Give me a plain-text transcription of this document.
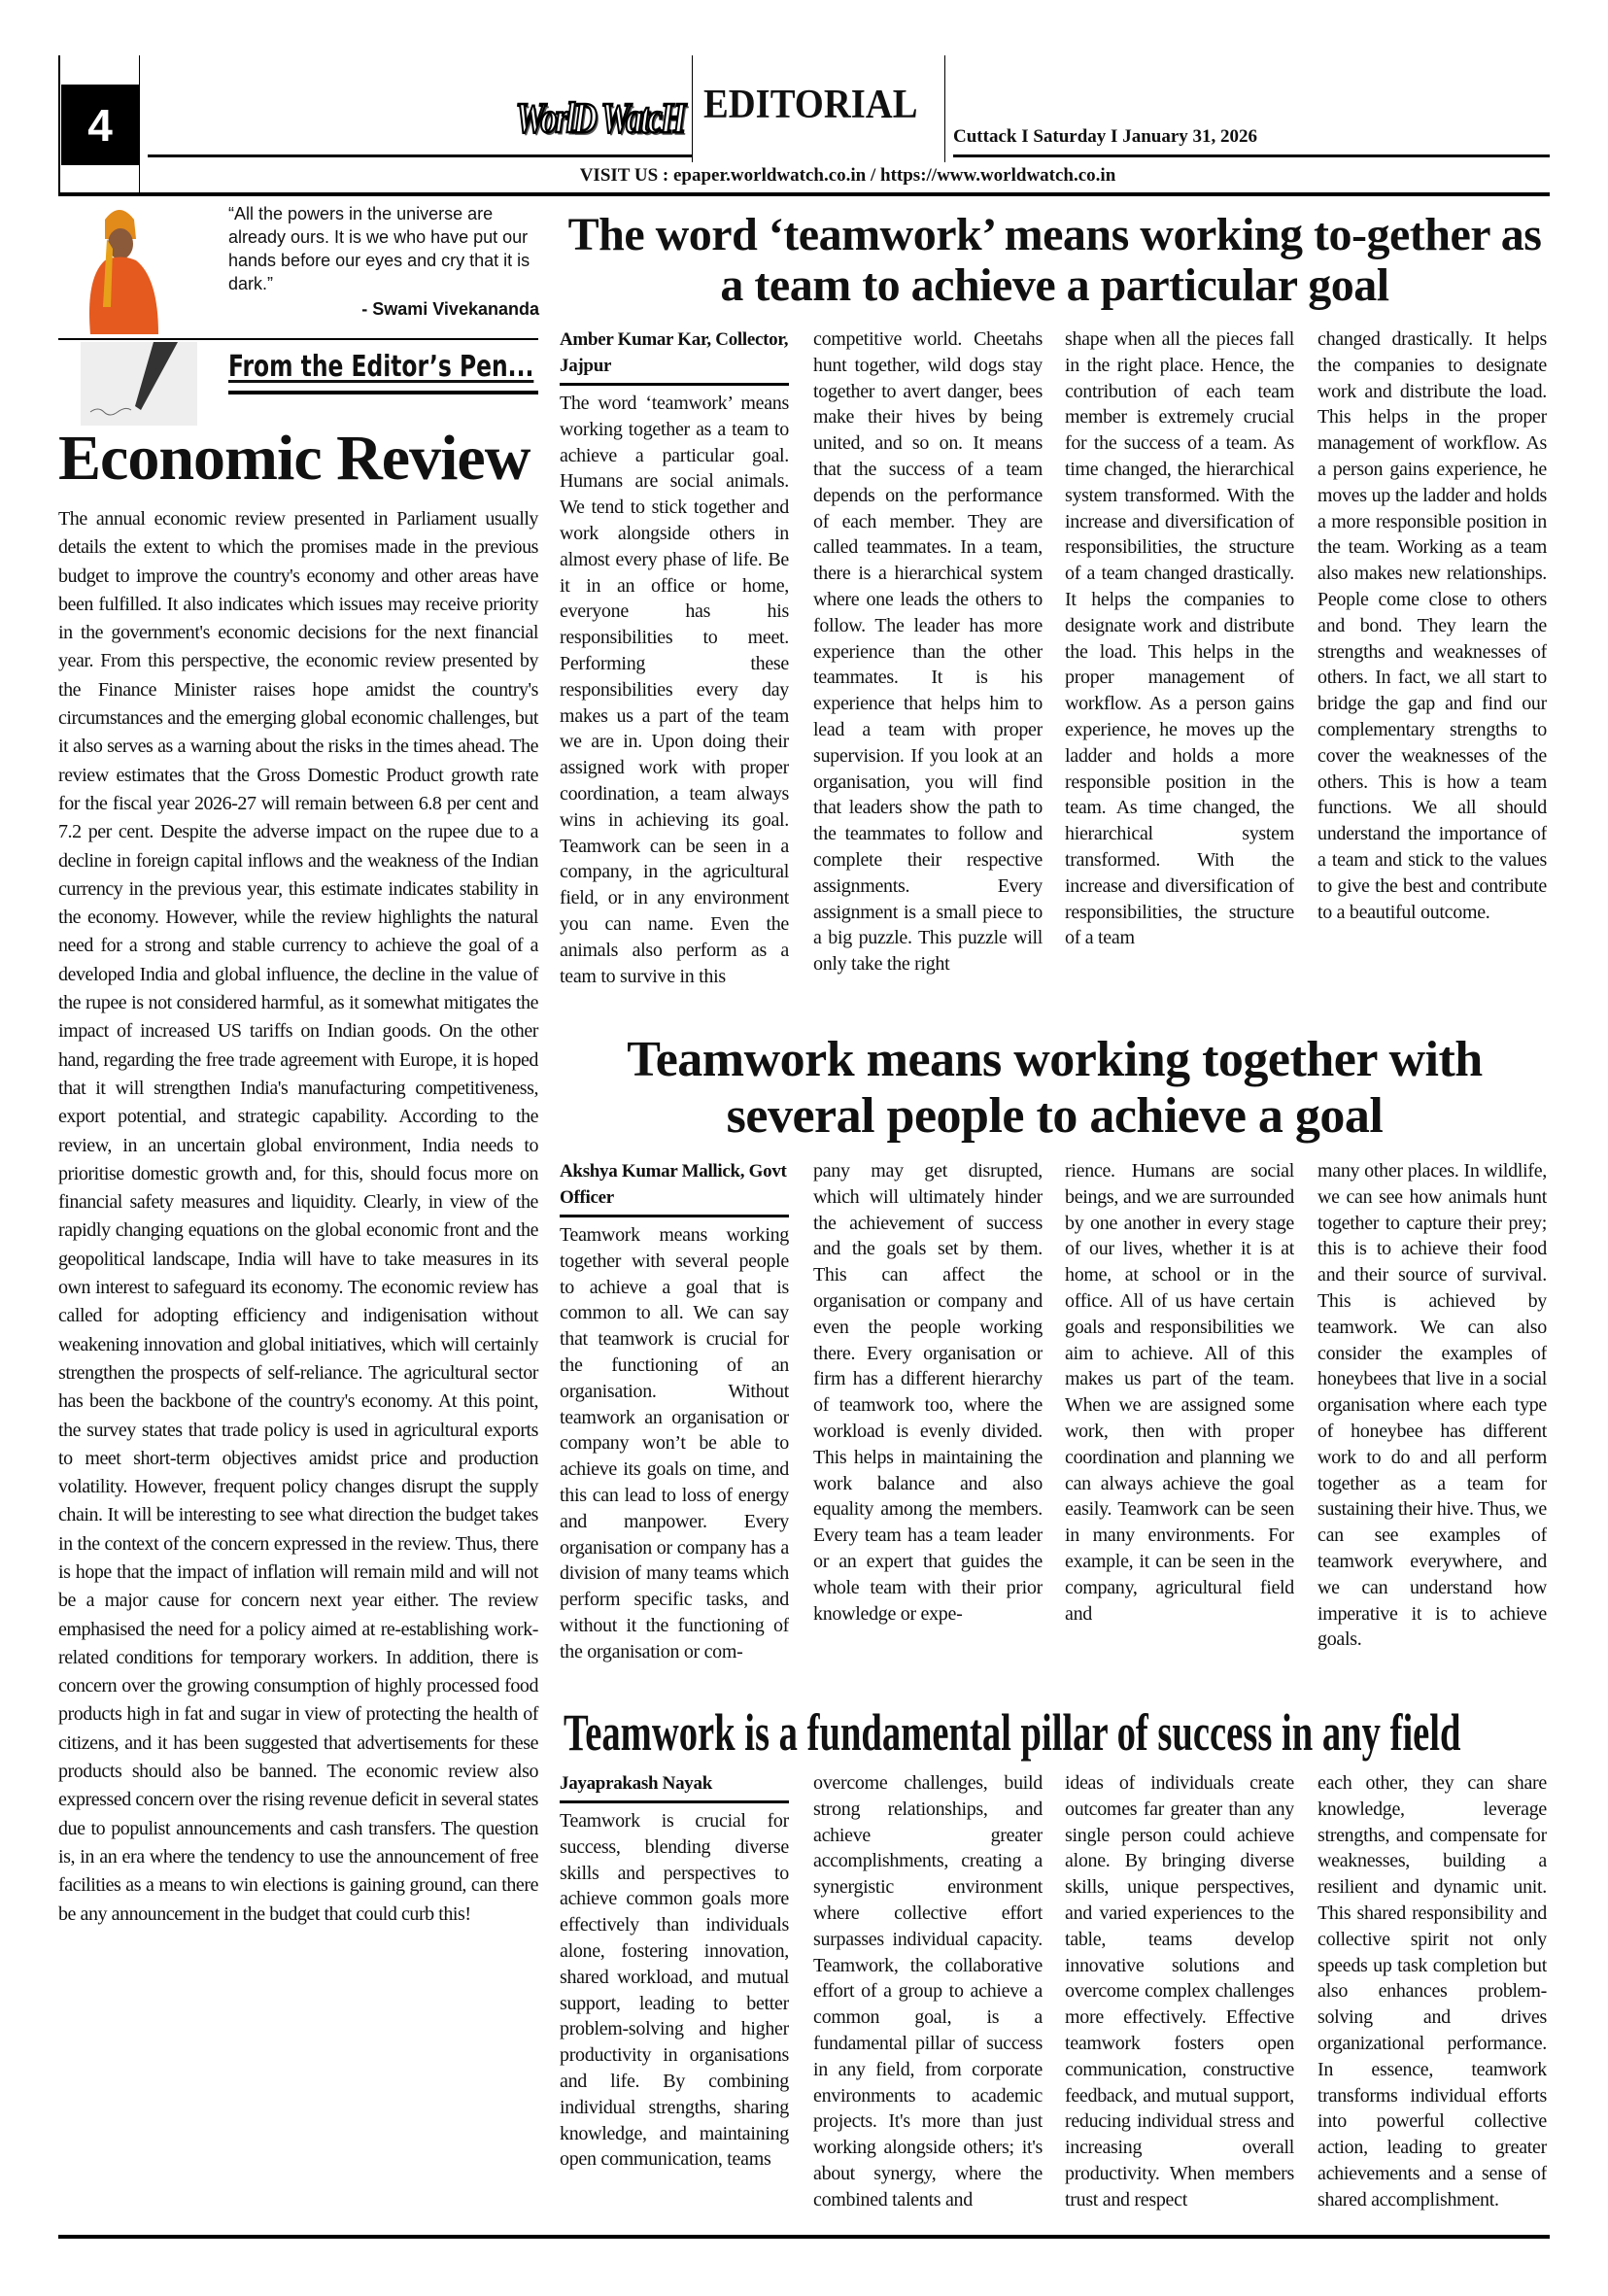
4	WorlD WatcH EDITORIAL
Cuttack I Saturday I January 31, 2026
VISIT US : epaper.worldwatch.co.in / https://www.worldwatch.co.in
“All the powers in the universe are already ours. It is we who have put our hands before our eyes and cry that it is dark.”
- Swami Vivekananda
From the Editor’s Pen...
Economic Review
The annual economic review presented in Parliament usually details the extent to which the promises made in the previous budget to improve the country's economy and other areas have been fulfilled. It also indicates which issues may receive priority in the government's economic decisions for the next financial year. From this perspective, the economic review presented by the Finance Minister raises hope amidst the country's circumstances and the emerging global economic challenges, but it also serves as a warning about the risks in the times ahead. The review estimates that the Gross Domestic Product growth rate for the fiscal year 2026-27 will remain between 6.8 per cent and 7.2 per cent. Despite the adverse impact on the rupee due to a decline in foreign capital inflows and the weakness of the Indian currency in the previous year, this estimate indicates stability in the economy. However, while the review highlights the natural need for a strong and stable currency to achieve the goal of a developed India and global influence, the decline in the value of the rupee is not considered harmful, as it somewhat mitigates the impact of increased US tariffs on Indian goods. On the other hand, regarding the free trade agreement with Europe, it is hoped that it will strengthen India's manufacturing competitiveness, export potential, and strategic capability. According to the review, in an uncertain global environment, India needs to prioritise domestic growth and, for this, should focus more on financial safety measures and liquidity. Clearly, in view of the rapidly changing equations on the global economic front and the geopolitical landscape, India will have to take measures in its own interest to safeguard its economy. The economic review has called for adopting efficiency and indigenisation without weakening innovation and global initiatives, which will certainly strengthen the prospects of self-reliance. The agricultural sector has been the backbone of the country's economy. At this point, the survey states that trade policy is used in agricultural exports to meet short-term objectives amidst price and production volatility. However, frequent policy changes disrupt the supply chain. It will be interesting to see what direction the budget takes in the context of the concern expressed in the review. Thus, there is hope that the impact of inflation will remain mild and will not be a major cause for concern next year either. The review emphasised the need for a policy aimed at re-establishing work-related conditions for temporary workers. In addition, there is concern over the growing consumption of highly processed food products high in fat and sugar in view of protecting the health of citizens, and it has been suggested that advertisements for these products should also be banned. The economic review also expressed concern over the rising revenue deficit in several states due to populist announcements and cash transfers. The question is, in an era where the tendency to use the announcement of free facilities as a means to win elections is gaining ground, can there be any announcement in the budget that could curb this!
The word ‘teamwork’ means working to-gether as a team to achieve a particular goal
Amber Kumar Kar, Collector, Jajpur
The word ‘teamwork’ means working together as a team to achieve a particular goal. Humans are social animals. We tend to stick together and work alongside others in almost every phase of life. Be it in an office or home, everyone has his responsibilities to meet. Performing these responsibilities every day makes us a part of the team we are in. Upon doing their assigned work with proper coordination, a team always wins in achieving its goal. Teamwork can be seen in a company, in the agricultural field, or in any environment you can name. Even the animals also perform as a team to survive in this
competitive world. Cheetahs hunt together, wild dogs stay together to avert danger, bees make their hives by being united, and so on. It means that the success of a team depends on the performance of each member. They are called teammates. In a team, there is a hierarchical system where one leads the others to follow. The leader has more experience than the other teammates. It is his experience that helps him to lead a team with proper supervision. If you look at an organisation, you will find that leaders show the path to the teammates to follow and complete their respective assignments. Every assignment is a small piece to a big puzzle. This puzzle will only take the right
shape when all the pieces fall in the right place. Hence, the contribution of each team member is extremely crucial for the success of a team. As time changed, the hierarchical system transformed. With the increase and diversification of responsibilities, the structure of a team changed drastically. It helps the companies to designate work and distribute the load. This helps in the proper management of workflow. As a person gains experience, he moves up the ladder and holds a more responsible position in the team. As time changed, the hierarchical system transformed. With the increase and diversification of responsibilities, the structure of a team
changed drastically. It helps the companies to designate work and distribute the load. This helps in the proper management of workflow. As a person gains experience, he moves up the ladder and holds a more responsible position in the team. Working as a team also makes new relationships. People come close to others and bond. They learn the strengths and weaknesses of others. In fact, we all start to bridge the gap and find our complementary strengths to cover the weaknesses of the others. This is how a team functions. We all should understand the importance of a team and stick to the values to give the best and contribute to a beautiful outcome.
Teamwork means working together with several people to achieve a goal
Akshya Kumar Mallick, Govt Officer
Teamwork means working together with several people to achieve a goal that is common to all. We can say that teamwork is crucial for the functioning of an organisation. Without teamwork an organisation or company won’t be able to achieve its goals on time, and this can lead to loss of energy and manpower. Every organisation or company has a division of many teams which perform specific tasks, and without it the functioning of the organisation or com-
pany may get disrupted, which will ultimately hinder the achievement of success and the goals set by them. This can affect the organisation or company and even the people working there. Every organisation or firm has a different hierarchy of teamwork too, where the workload is evenly divided. This helps in maintaining the work balance and also equality among the members. Every team has a team leader or an expert that guides the whole team with their prior knowledge or expe-
rience. Humans are social beings, and we are surrounded by one another in every stage of our lives, whether it is at home, at school or in the office. All of us have certain goals and responsibilities we aim to achieve. All of this makes us part of the team. When we are assigned some work, then with proper coordination and planning we can always achieve the goal easily. Teamwork can be seen in many environments. For example, it can be seen in the company, agricultural field and
many other places. In wildlife, we can see how animals hunt together to capture their prey; this is to achieve their food and their source of survival. This is achieved by teamwork. We can also consider the examples of honeybees that live in a social organisation where each type of honeybee has different work to do and all perform together as a team for sustaining their hive. Thus, we can see examples of teamwork everywhere, and we can understand how imperative it is to achieve goals.
Teamwork is a fundamental pillar of success in any field
Jayaprakash Nayak
Teamwork is crucial for success, blending diverse skills and perspectives to achieve common goals more effectively than individuals alone, fostering innovation, shared workload, and mutual support, leading to better problem-solving and higher productivity in organisations and life. By combining individual strengths, sharing knowledge, and maintaining open communication, teams
overcome challenges, build strong relationships, and achieve greater accomplishments, creating a synergistic environment where collective effort surpasses individual capacity. Teamwork, the collaborative effort of a group to achieve a common goal, is a fundamental pillar of success in any field, from corporate environments to academic projects. It's more than just working alongside others; it's about synergy, where the combined talents and
ideas of individuals create outcomes far greater than any single person could achieve alone. By bringing diverse skills, unique perspectives, and varied experiences to the table, teams develop innovative solutions and overcome complex challenges more effectively. Effective teamwork fosters open communication, constructive feedback, and mutual support, reducing individual stress and increasing overall productivity. When members trust and respect
each other, they can share knowledge, leverage strengths, and compensate for weaknesses, building a resilient and dynamic unit. This shared responsibility and collective spirit not only speeds up task completion but also enhances problem-solving and drives organizational performance. In essence, teamwork transforms individual efforts into powerful collective action, leading to greater achievements and a sense of shared accomplishment.
